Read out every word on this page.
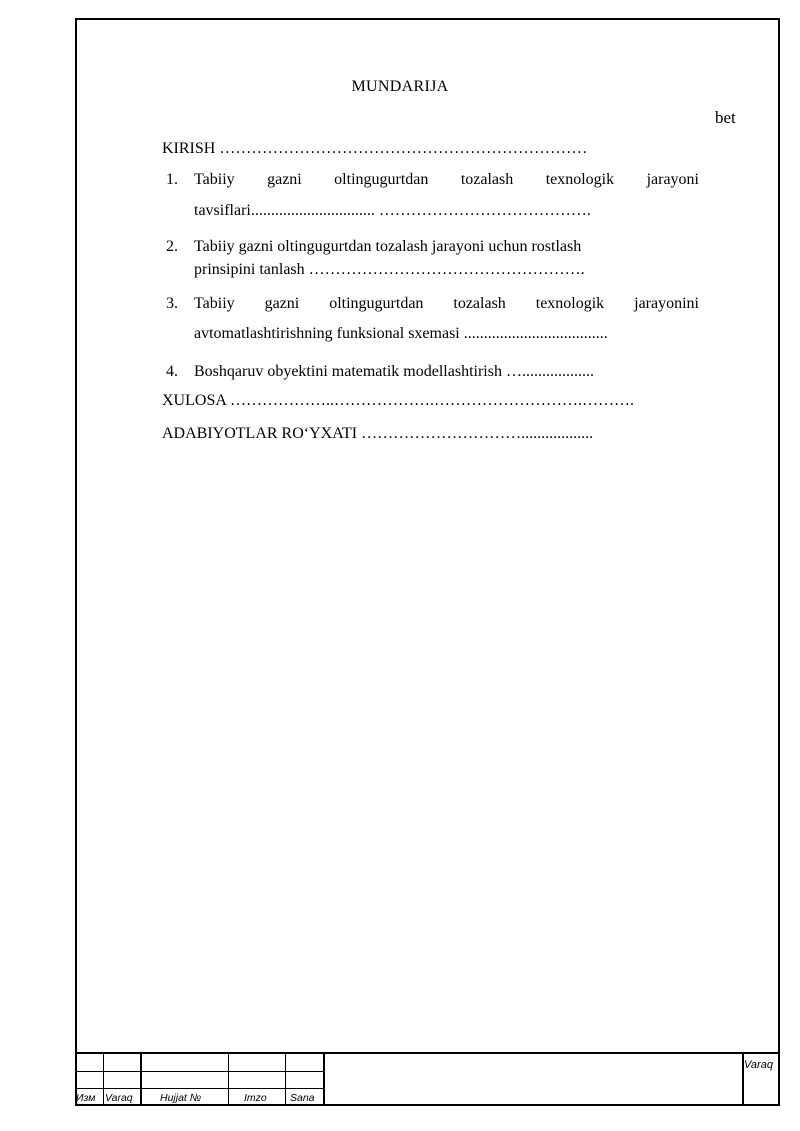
MUNDARIJA
bet
KIRISH ……………………………………………………………
1. Tabiiy gazni oltingugurtdan tozalash texnologik jarayoni
tavsiflari............................... ………………………………….
2. Tabiiy gazni oltingugurtdan tozalash jarayoni uchun rostlash
prinsipini tanlash …………………………………………….
3. Tabiiy gazni oltingugurtdan tozalash texnologik jarayonini
avtomatlashtirishning funksional sxemasi ....................................
4. Boshqaruv obyektini matematik modellashtirish …..................
XULOSA ………………..……………….……………………….……….
ADABIYOTLAR RO‘YXATI …………………………..................
Изм Varaq	Hujjat №	Imzo Sana
Varaq
